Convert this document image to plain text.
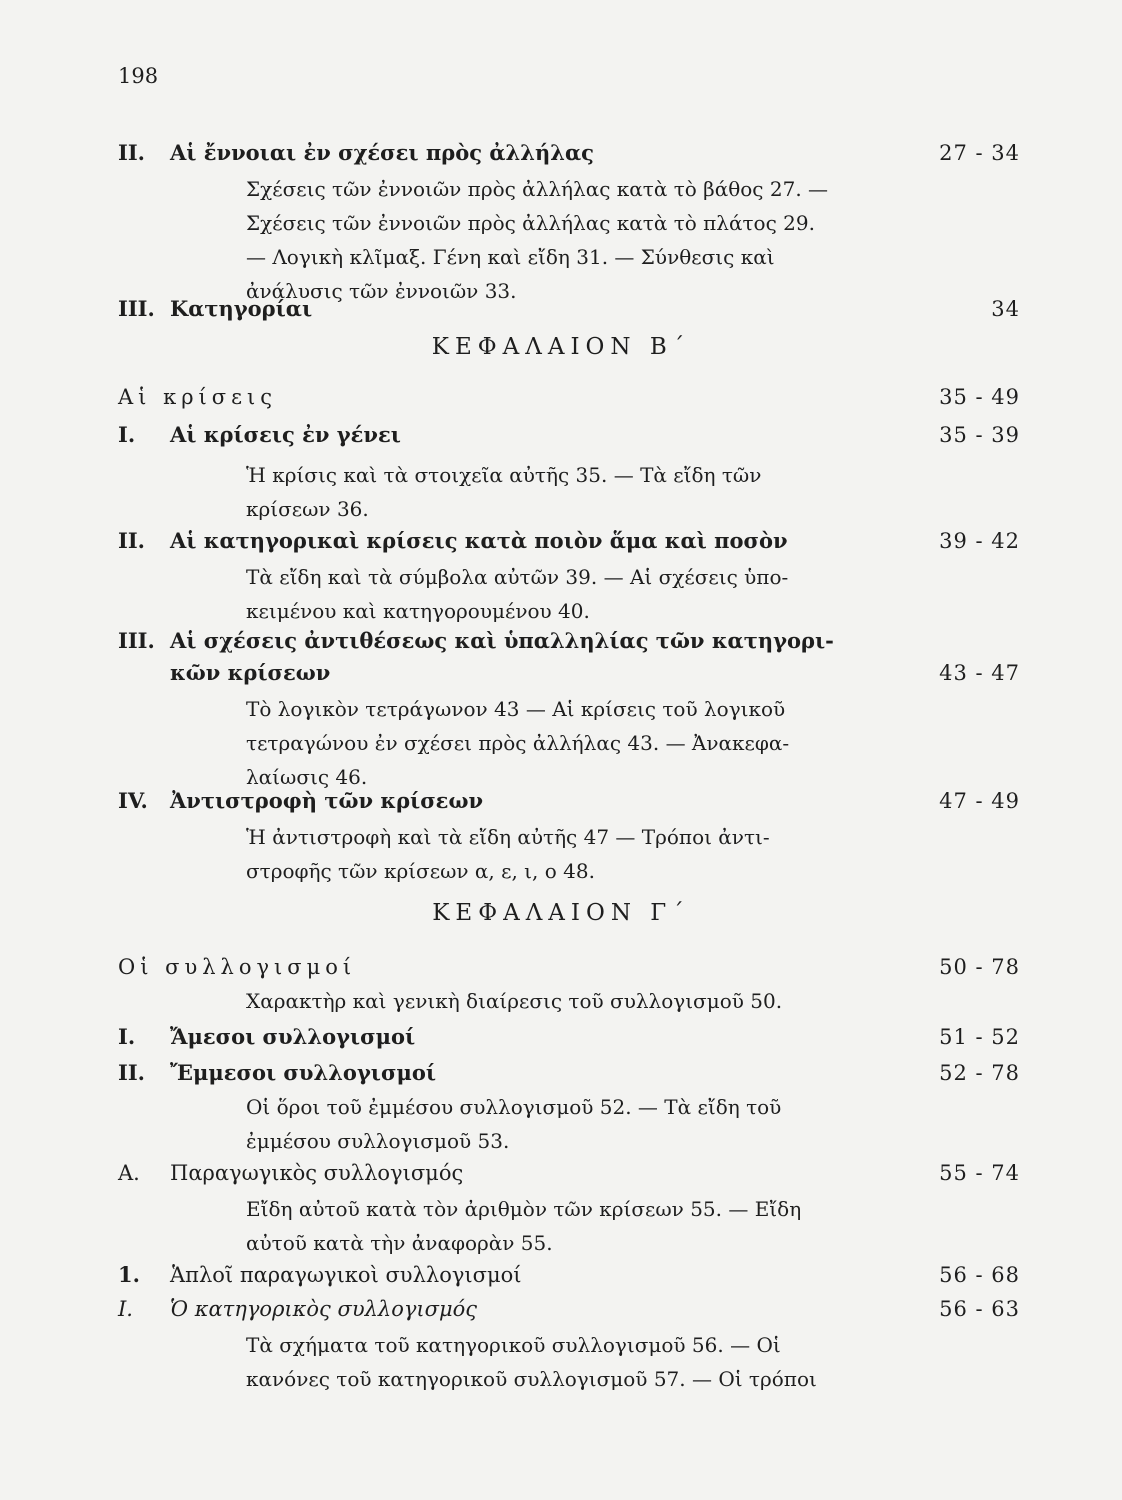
198
II. Αἱ ἔννοιαι ἐν σχέσει πρὸς ἀλλήλας	27 - 34
Σχέσεις τῶν ἐννοιῶν πρὸς ἀλλήλας κατὰ τὸ βάθος 27. —
Σχέσεις τῶν ἐννοιῶν πρὸς ἀλλήλας κατὰ τὸ πλάτος 29.
— Λογικὴ κλῖμαξ. Γένη καὶ εἴδη 31. — Σύνθεσις καὶ
ἀνάλυσις τῶν ἐννοιῶν 33.
III. Κατηγορίαι	34
ΚΕΦΑΛΑΙΟΝ Β΄
Αἱ κρίσεις	35 - 49
I. Αἱ κρίσεις ἐν γένει	35 - 39
Ἡ κρίσις καὶ τὰ στοιχεῖα αὐτῆς 35. — Τὰ εἴδη τῶν
κρίσεων 36.
II. Αἱ κατηγορικαὶ κρίσεις κατὰ ποιὸν ἅμα καὶ ποσὸν	39 - 42
Τὰ εἴδη καὶ τὰ σύμβολα αὐτῶν 39. — Αἱ σχέσεις ὑπο-
κειμένου καὶ κατηγορουμένου 40.
III. Αἱ σχέσεις ἀντιθέσεως καὶ ὑπαλληλίας τῶν κατηγορι-
κῶν κρίσεων	43 - 47
Τὸ λογικὸν τετράγωνον 43 — Αἱ κρίσεις τοῦ λογικοῦ
τετραγώνου ἐν σχέσει πρὸς ἀλλήλας 43. — Ἀνακεφα-
λαίωσις 46.
IV. Ἀντιστροφὴ τῶν κρίσεων	47 - 49
Ἡ ἀντιστροφὴ καὶ τὰ εἴδη αὐτῆς 47 — Τρόποι ἀντι-
στροφῆς τῶν κρίσεων α, ε, ι, ο 48.
ΚΕΦΑΛΑΙΟΝ Γ΄
Οἱ συλλογισμοί	50 - 78
Χαρακτὴρ καὶ γενικὴ διαίρεσις τοῦ συλλογισμοῦ 50.
I. Ἄμεσοι συλλογισμοί	51 - 52
II. Ἔμμεσοι συλλογισμοί	52 - 78
Οἱ ὅροι τοῦ ἐμμέσου συλλογισμοῦ 52. — Τὰ εἴδη τοῦ
ἐμμέσου συλλογισμοῦ 53.
Α. Παραγωγικὸς συλλογισμός	55 - 74
Εἴδη αὐτοῦ κατὰ τὸν ἀριθμὸν τῶν κρίσεων 55. — Εἴδη
αὐτοῦ κατὰ τὴν ἀναφορὰν 55.
1. Ἁπλοῖ παραγωγικοὶ συλλογισμοί	56 - 68
I. Ὁ κατηγορικὸς συλλογισμός	56 - 63
Τὰ σχήματα τοῦ κατηγορικοῦ συλλογισμοῦ 56. — Οἱ
κανόνες τοῦ κατηγορικοῦ συλλογισμοῦ 57. — Οἱ τρόποι
